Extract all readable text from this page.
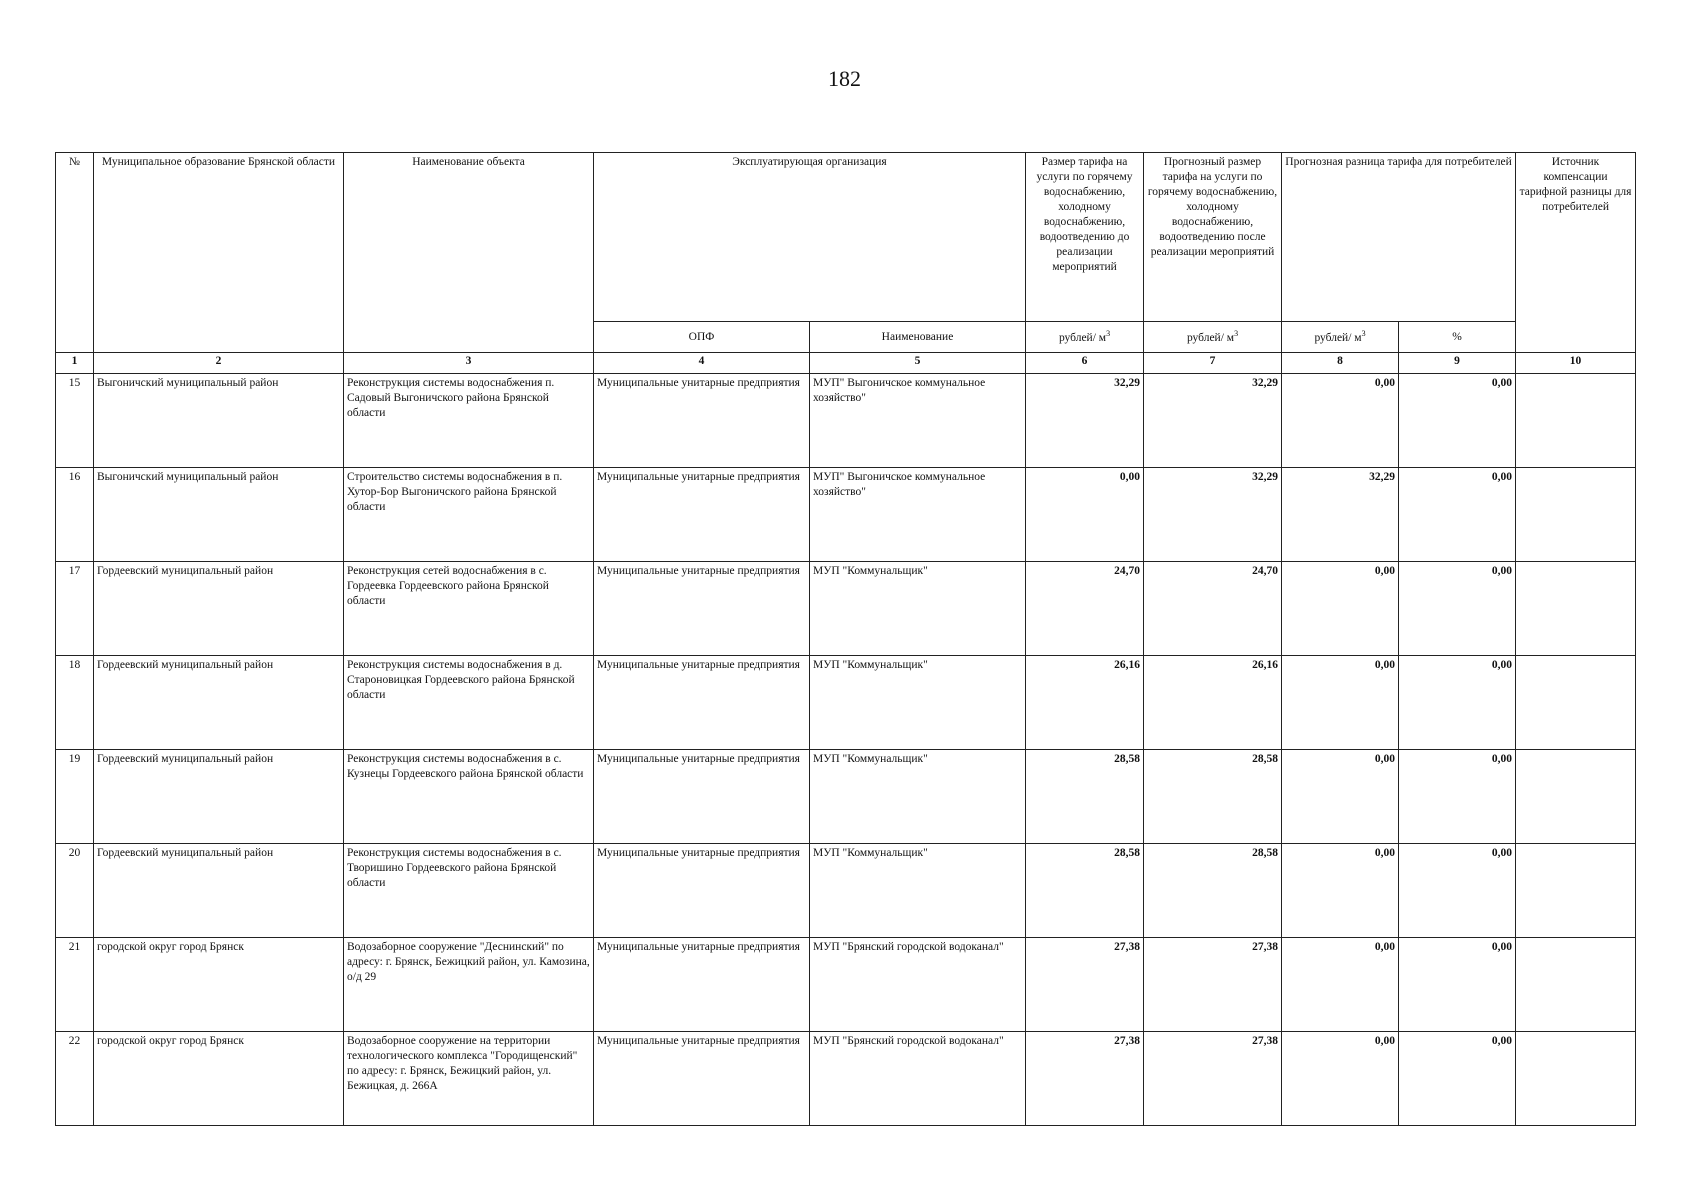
182
№	Муниципальное образование Брянской области	Наименование объекта	Эксплуатирующая организация		Размер тарифа на услуги по горячему водоснабжению, холодному водоснабжению, водоотведению до реализации мероприятий	Прогнозный размер тарифа на услуги по горячему водоснабжению, холодному водоснабжению, водоотведению после реализации мероприятий	Прогнозная разница тарифа для потребителей		Источник компенсации тарифной разницы для потребителей
			ОПФ	Наименование	рублей/ $м^3$	рублей/ $м^3$	рублей/ $м^3$	%	
1	2	3	4	5	6	7	8	9	10
15	Выгоничский муниципальный район	Реконструкция системы водоснабжения п. Садовый Выгоничского района Брянской области	Муниципальные унитарные предприятия	МУП" Выгоничское коммунальное хозяйство"	32,29	32,29	0,00	0,00	
16	Выгоничский муниципальный район	Строительство системы водоснабжения в п. Хутор-Бор Выгоничского района Брянской области	Муниципальные унитарные предприятия	МУП" Выгоничское коммунальное хозяйство"	0,00	32,29	32,29	0,00	
17	Гордеевский муниципальный район	Реконструкция сетей водоснабжения в с. Гордеевка Гордеевского района Брянской области	Муниципальные унитарные предприятия	МУП "Коммунальщик"	24,70	24,70	0,00	0,00	
18	Гордеевский муниципальный район	Реконструкция системы водоснабжения в д. Староновицкая Гордеевского района Брянской области	Муниципальные унитарные предприятия	МУП "Коммунальщик"	26,16	26,16	0,00	0,00	
19	Гордеевский муниципальный район	Реконструкция системы водоснабжения в с. Кузнецы Гордеевского района Брянской области	Муниципальные унитарные предприятия	МУП "Коммунальщик"	28,58	28,58	0,00	0,00	
20	Гордеевский муниципальный район	Реконструкция системы водоснабжения в с. Творишино Гордеевского района Брянской области	Муниципальные унитарные предприятия	МУП "Коммунальщик"	28,58	28,58	0,00	0,00	
21	городской округ город Брянск	Водозаборное сооружение "Деснинский" по адресу: г. Брянск, Бежицкий район, ул. Камозина, о/д 29	Муниципальные унитарные предприятия	МУП "Брянский городской водоканал"	27,38	27,38	0,00	0,00	
22	городской округ город Брянск	Водозаборное сооружение на территории технологического комплекса "Городищенский" по адресу: г. Брянск, Бежицкий район, ул. Бежицкая, д. 266А	Муниципальные унитарные предприятия	МУП "Брянский городской водоканал"	27,38	27,38	0,00	0,00	
